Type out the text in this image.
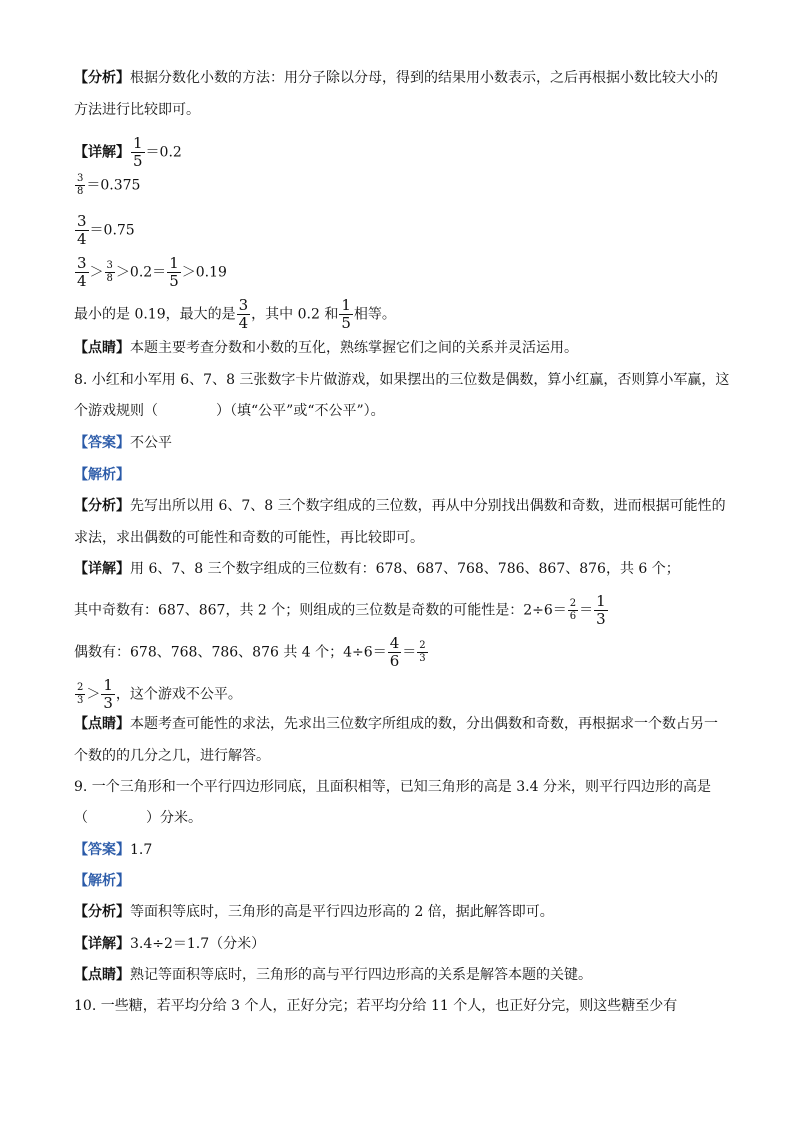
【分析】根据分数化小数的方法：用分子除以分母，得到的结果用小数表示，之后再根据小数比较大小的
方法进行比较即可。
【详解】 $\frac{1}{5} =0.2$
$\frac{3}{8} =0.375$
$\frac{3}{4} =0.75$
$\frac{3}{4} > \frac{3}{8} >0.2= \frac{1}{5} >0.19$
最小的是 0.19，最大的是 $\frac{3}{4}$ ，其中 0.2 和 $\frac{1}{5}$ 相等。
【点睛】本题主要考查分数和小数的互化，熟练掌握它们之间的关系并灵活运用。
8. 小红和小军用 6、7、8 三张数字卡片做游戏，如果摆出的三位数是偶数，算小红赢，否则算小军赢，这
个游戏规则（	）（填“公平”或“不公平”）。
【答案】不公平
【解析】
【分析】先写出所以用 6、7、8 三个数字组成的三位数，再从中分别找出偶数和奇数，进而根据可能性的
求法，求出偶数的可能性和奇数的可能性，再比较即可。
【详解】用 6、7、8 三个数字组成的三位数有：678、687、768、786、867、876，共 6 个；
其中奇数有：687、867，共 2 个；则组成的三位数是奇数的可能性是：$2\div 6= \frac{2}{6} = \frac{1}{3}$
偶数有：678、768、786、876 共 4 个；$4\div 6= \frac{4}{6} = \frac{2}{3}$
$\frac{2}{3} > \frac{1}{3}$ ，这个游戏不公平。
【点睛】本题考查可能性的求法，先求出三位数字所组成的数，分出偶数和奇数，再根据求一个数占另一
个数的的几分之几，进行解答。
9. 一个三角形和一个平行四边形同底，且面积相等，已知三角形的高是 3.4 分米，则平行四边形的高是
（	）分米。
【答案】1.7
【解析】
【分析】等面积等底时，三角形的高是平行四边形高的 2 倍，据此解答即可。
【详解】3.4÷2＝1.7（分米）
【点睛】熟记等面积等底时，三角形的高与平行四边形高的关系是解答本题的关键。
10. 一些糖，若平均分给 3 个人，正好分完；若平均分给 11 个人，也正好分完，则这些糖至少有
